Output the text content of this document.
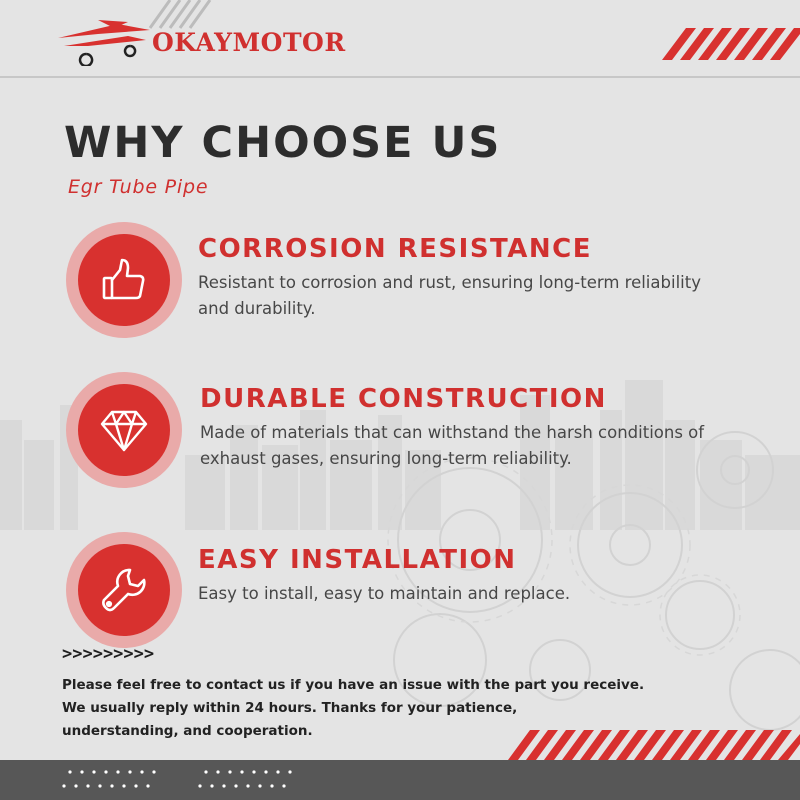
OKAYMOTOR
WHY CHOOSE US
Egr Tube Pipe
CORROSION RESISTANCE
Resistant to corrosion and rust, ensuring long-term reliability
and durability.
DURABLE CONSTRUCTION
Made of materials that can withstand the harsh conditions of
exhaust gases, ensuring long-term reliability.
EASY INSTALLATION
Easy to install, easy to maintain and replace.
>>>>>>>>>
Please feel free to contact us if you have an issue with the part you receive.
We usually reply within 24 hours. Thanks for your patience,
understanding, and cooperation.
